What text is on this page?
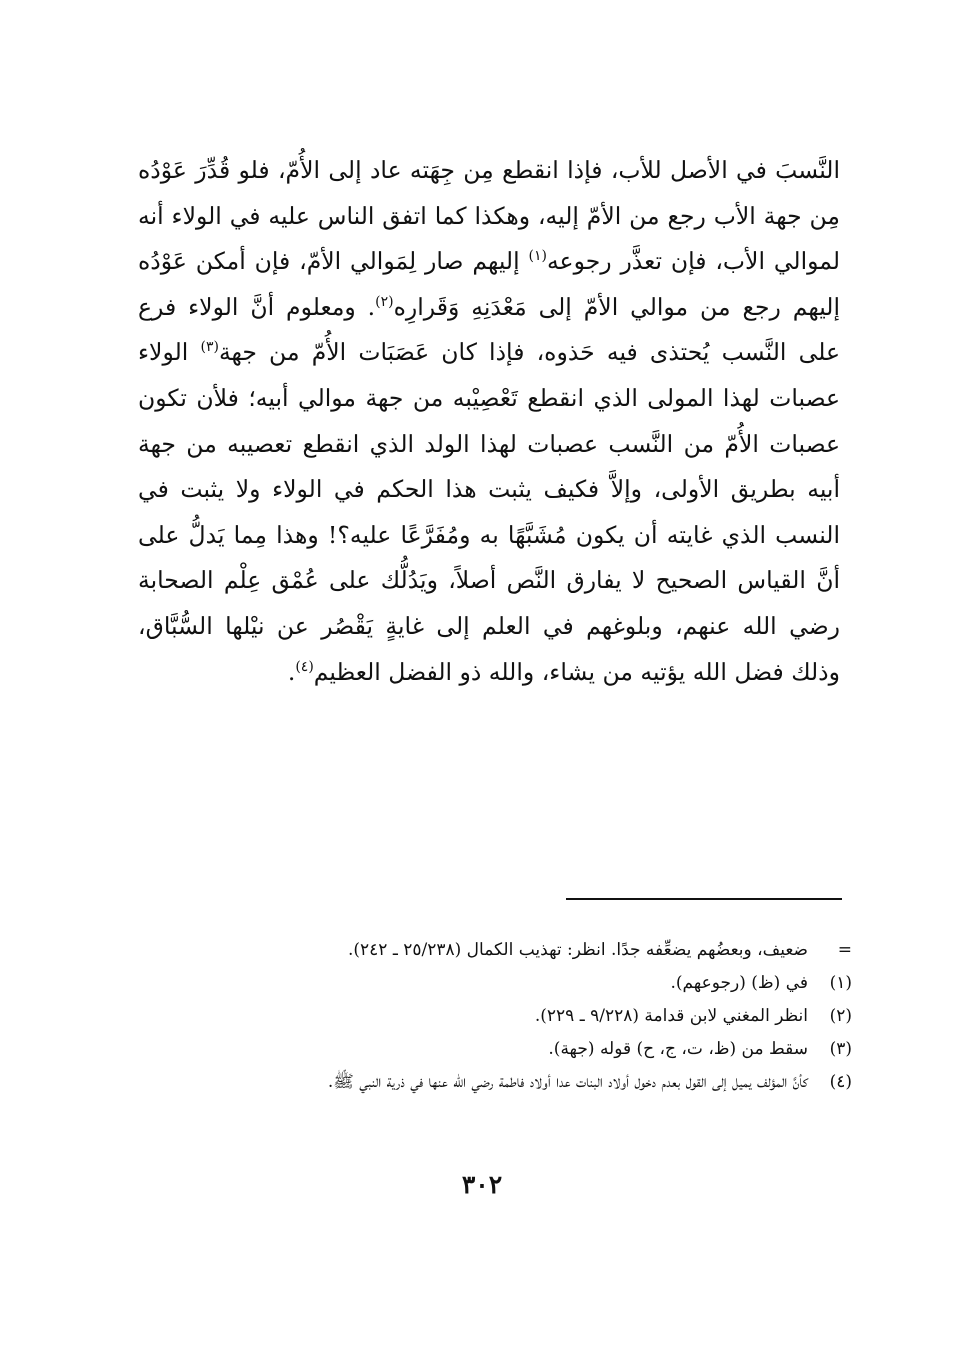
النَّسبَ في الأصل للأب، فإذا انقطع مِن جِهَته عاد إلى الأُمّ، فلو قُدِّرَ عَوْدُه مِن جهة الأب رجع من الأمّ إليه، وهكذا كما اتفق الناس عليه في الولاء أنه لموالي الأب، فإن تعذَّر رجوعه$^{(١)}$ إليهم صار لِمَوالي الأمّ، فإن أمكن عَوْدُه إليهم رجع من موالي الأمّ إلى مَعْدَنِهِ وَقَرارِه$^{(٢)}$. ومعلوم أنَّ الولاء فرع على النَّسب يُحتذى فيه حَذوه، فإذا كان عَصَبَات الأُمّ من جهة$^{(٣)}$ الولاء عصبات لهذا المولى الذي انقطع تَعْصِيْبه من جهة موالي أبيه؛ فلأن تكون عصبات الأُمّ من النَّسب عصبات لهذا الولد الذي انقطع تعصيبه من جهة أبيه بطريق الأولى، وإلاَّ فكيف يثبت هذا الحكم في الولاء ولا يثبت في النسب الذي غايته أن يكون مُشَبَّهًا به ومُفَرَّعًا عليه؟! وهذا مِما يَدلُّ على أنَّ القياس الصحيح لا يفارق النَّص أصلاً، ويَدُلُّك على عُمْق عِلْم الصحابة رضي الله عنهم، وبلوغهم في العلم إلى غايةٍ يَقْصُر عن نيْلها السُّبَّاق، وذلك فضل الله يؤتيه من يشاء، والله ذو الفضل العظيم$^{(٤)}$.
=
ضعيف، وبعضُهم يضعِّفه جدًا. انظر: تهذيب الكمال (٢٥/٢٣٨ ـ ٢٤٢).
(١)
في (ظ) (رجوعهم).
(٢)
انظر المغني لابن قدامة (٩/٢٢٨ ـ ٢٢٩).
(٣)
سقط من (ظ، ت، ج، ح) قوله (جهة).
(٤)
كأنَّ المؤلف يميل إلى القول بعدم دخول أولاد البنات عدا أولاد فاطمة رضي الله عنها في ذرية النبي ﷺ.
٣٠٢
